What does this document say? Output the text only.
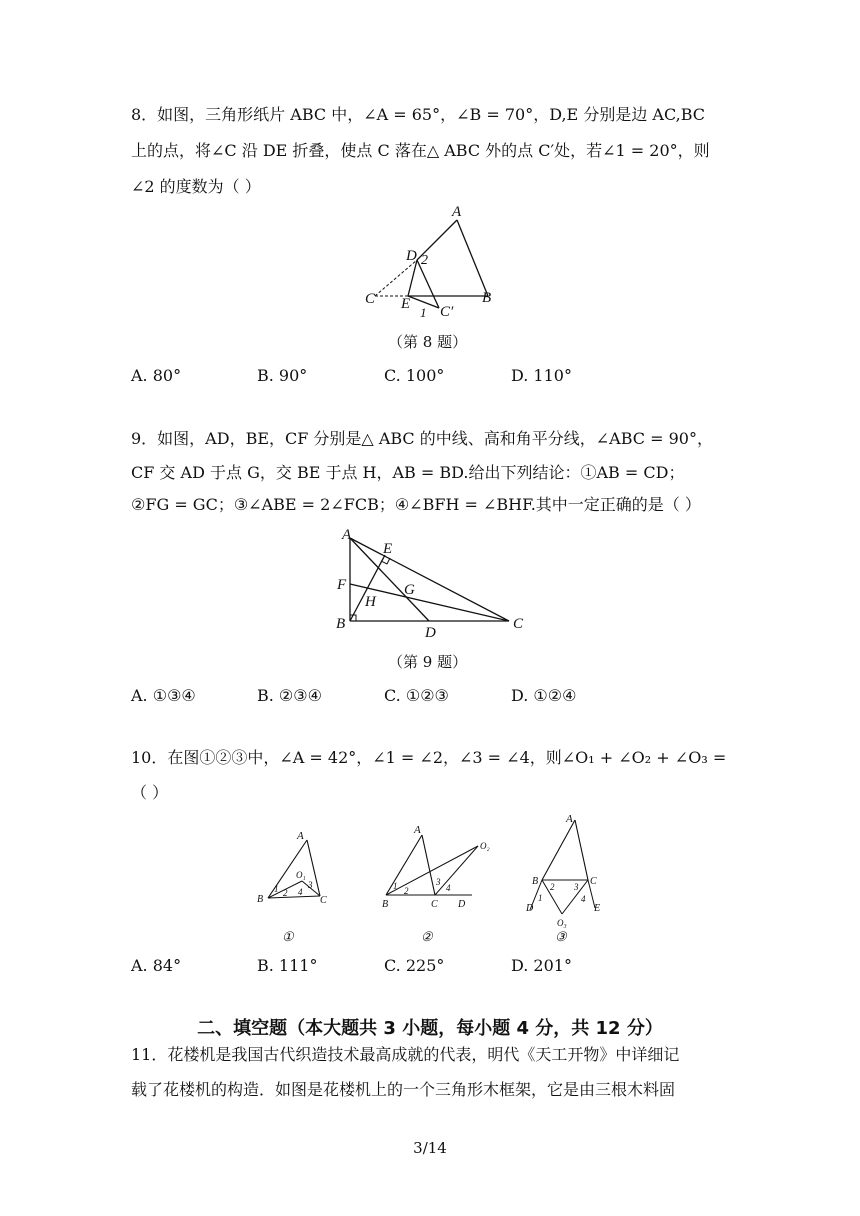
8．如图，三角形纸片 ABC 中，∠A = 65°，∠B = 70°，D,E 分别是边 AC,BC
上的点，将∠C 沿 DE 折叠，使点 C 落在△ ABC 外的点 C′处，若∠1 = 20°，则
∠2 的度数为（ ）
A
D 2
C E
1 C′
B
（第 8 题）
A. 80°	B. 90°	C. 100°	D. 110°
9．如图，AD，BE，CF 分别是△ ABC 的中线、高和角平分线，∠ABC = 90°，
CF 交 AD 于点 G，交 BE 于点 H，AB = BD.给出下列结论：①AB = CD；
②FG = GC；③∠ABE = 2∠FCB；④∠BFH = ∠BHF.其中一定正确的是（ ）
A
E
F	G
H
B
D
C
（第 9 题）
A. ①③④	B. ②③④	C. ①②③	D. ①②④
10．在图①②③中，∠A = 42°，∠1 = ∠2，∠3 = ∠4，则∠O₁ + ∠O₂ + ∠O₃ =
（ ）
A
O₁
1 2
3
4
B	C
①
A
O₂
1 2
3
4
B	C D
②
A
B	C
2 3
1	4
D	E
O₃
③
A. 84°	B. 111°	C. 225°	D. 201°
二、填空题（本大题共 3 小题，每小题 4 分，共 12 分）
11．花楼机是我国古代织造技术最高成就的代表，明代《天工开物》中详细记
载了花楼机的构造．如图是花楼机上的一个三角形木框架，它是由三根木料固
3/14
